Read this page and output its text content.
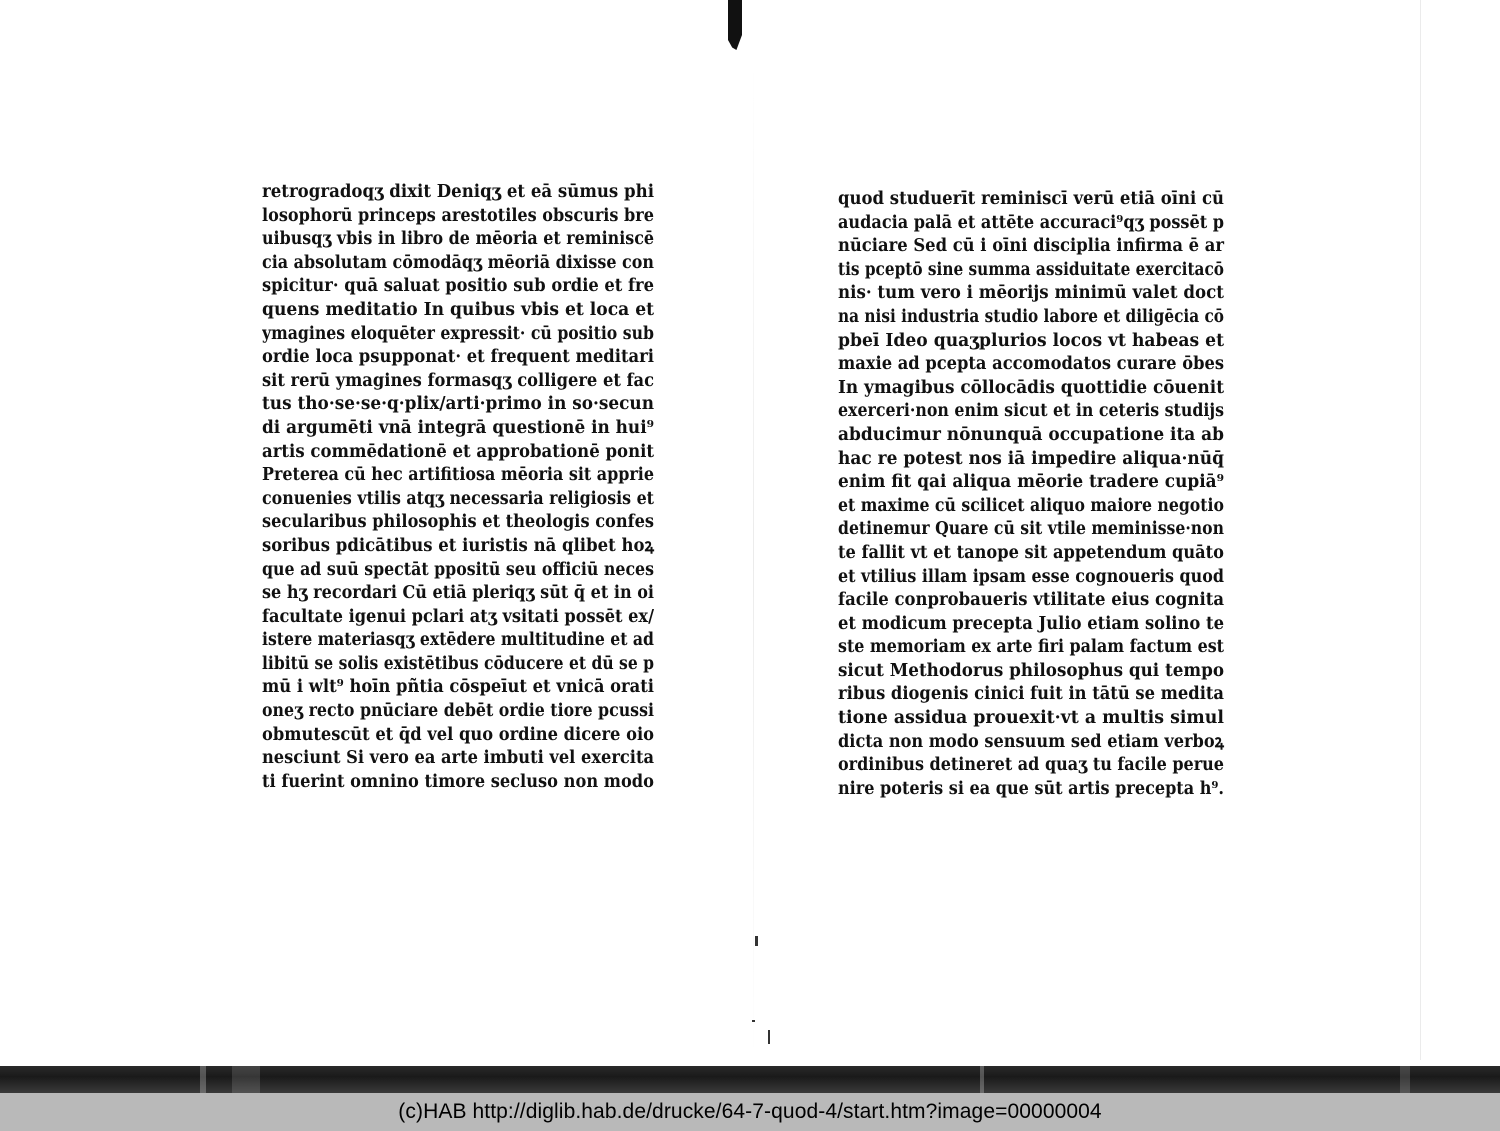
retrogradoqʒ dixit Deniqʒ et eā sūmus phi
losophorū princeps arestotiles obscuris bre
uibusqʒ vbis in libro de mēoria et reminiscē
cia absolutam cōmodāqʒ mēoriā dixisse con
spicitur· quā saluat positio sub ordie et fre
quens meditatio In quibus vbis et loca et
ymagines eloquēter expressit· cū positio sub
ordie loca psupponat· et frequent meditari
sit rerū ymagines formasqʒ colligere et fac
tus tho·se·se·q·plix/arti·primo in so·secun
di argumēti vnā integrā questionē in hui⁹
artis commēdationē et approbationē ponit
Preterea cū hec artifitiosa mēoria sit apprie
conuenies vtilis atqʒ necessaria religiosis et
secularibus philosophis et theologis confes
soribus pdicātibus et iuristis nā qlibet hoꝝ
que ad suū spectāt ppositū seu officiū neces
se hʒ recordari Cū etiā pleriqʒ sūt q̄ et in oi
facultate igenui pclari atʒ vsitati possēt ex/
istere materiasqʒ extēdere multitudine et ad
libitū se solis existētibus cōducere et dū se p
mū i wlt⁹ hoīn pñtia cōspeīut et vnicā orati
oneʒ recto pnūciare debēt ordie tiore pcussi
obmutescūt et q̄d vel quo ordine dicere oio
nesciunt Si vero ea arte imbuti vel exercita
ti fuerint omnino timore secluso non modo
quod studuerīt reminiscī verū etiā oīni cū
audacia palā et attēte accuraci⁹qʒ possēt p
nūciare Sed cū i oīni disciplia infirma ē ar
tis pceptō sine summa assiduitate exercitacō
nis· tum vero i mēorijs minimū valet doct
na nisi industria studio labore et diligēcia cō
pbeī Ideo quaʒplurios locos vt habeas et
maxie ad pcepta accomodatos curare ōbes
In ymagibus cōllocādis quottidie cōuenit
exerceri·non enim sicut et in ceteris studijs
abducimur nōnunquā occupatione ita ab
hac re potest nos iā impedire aliqua·nūq̄
enim fit qai aliqua mēorie tradere cupiā⁹
et maxime cū scilicet aliquo maiore negotio
detinemur Quare cū sit vtile meminisse·non
te fallit vt et tanope sit appetendum quāto
et vtilius illam ipsam esse cognoueris quod
facile conprobaueris vtilitate eius cognita
et modicum precepta Julio etiam solino te
ste memoriam ex arte firi palam factum est
sicut Methodorus philosophus qui tempo
ribus diogenis cinici fuit in tātū se medita
tione assidua prouexit·vt a multis simul
dicta non modo sensuum sed etiam verboꝝ
ordinibus detineret ad quaʒ tu facile perue
nire poteris si ea que sūt artis precepta h⁹.
(c)HAB http://diglib.hab.de/drucke/64-7-quod-4/start.htm?image=00000004
